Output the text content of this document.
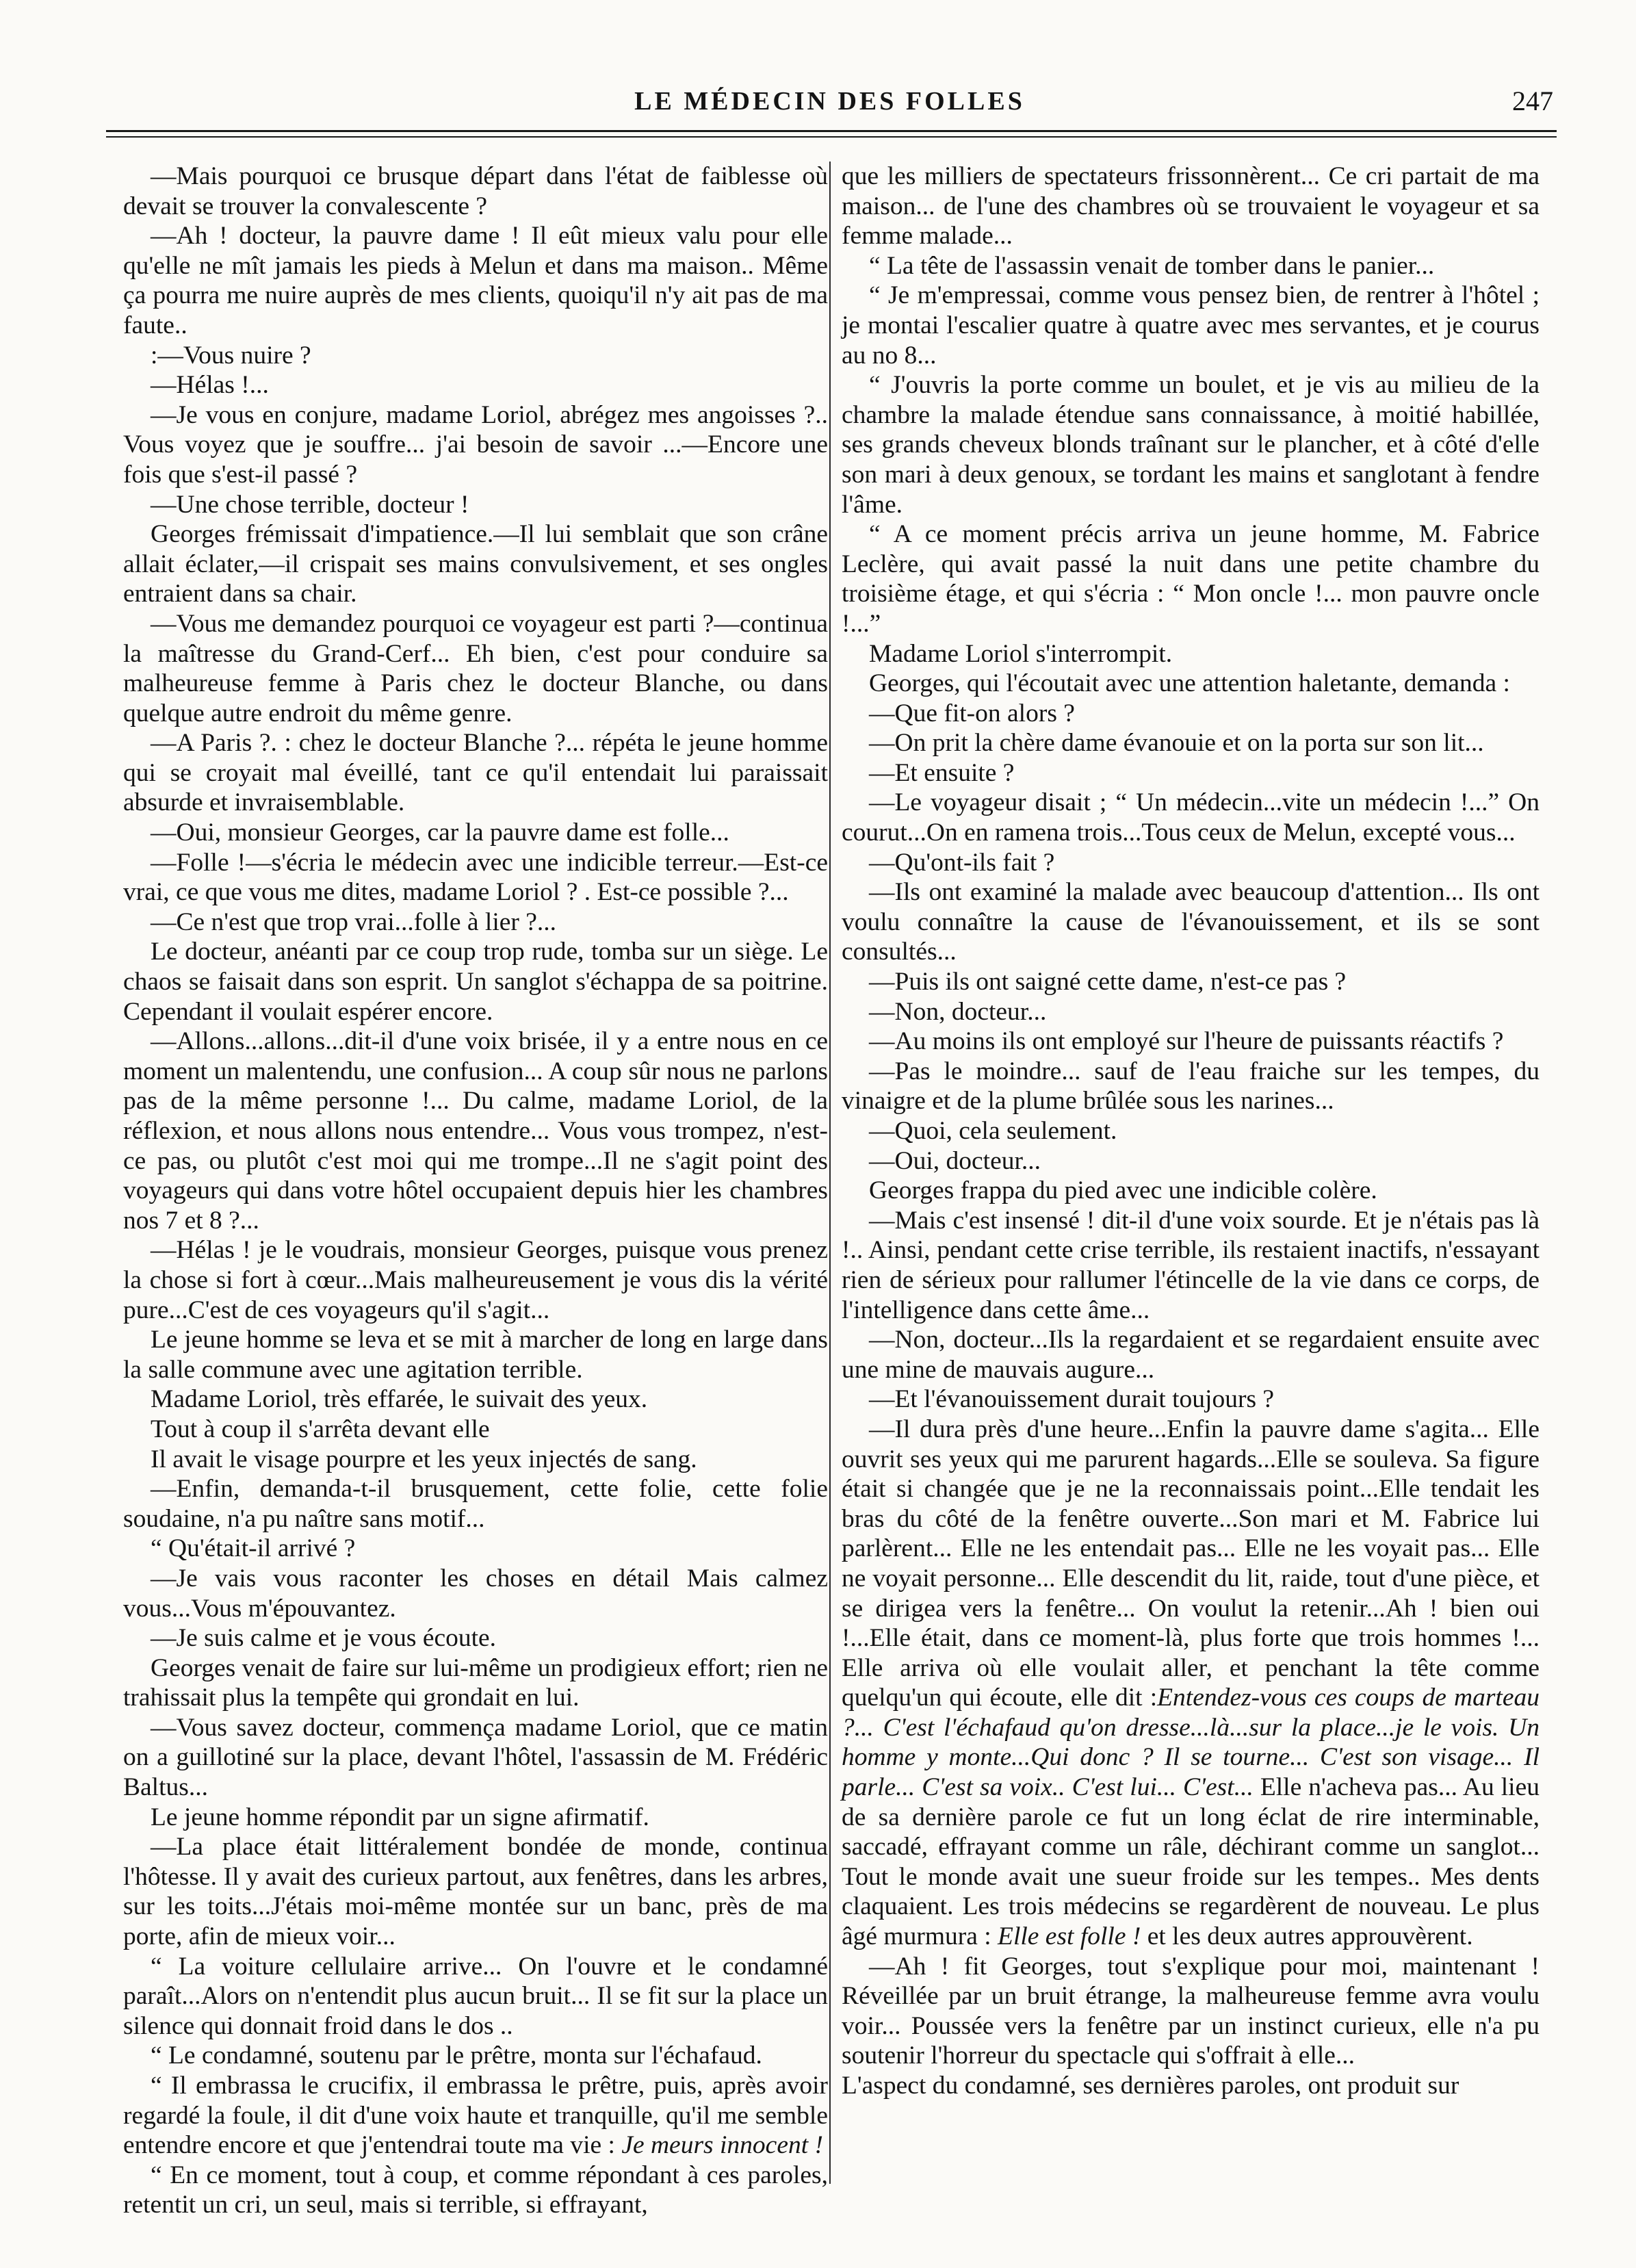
LE MÉDECIN DES FOLLES	247

—Mais pourquoi ce brusque départ dans l'état de faiblesse où devait se trouver la convalescente ?

—Ah ! docteur, la pauvre dame ! Il eût mieux valu pour elle qu'elle ne mît jamais les pieds à Melun et dans ma maison.. Même ça pourra me nuire auprès de mes clients, quoiqu'il n'y ait pas de ma faute..

:—Vous nuire ?

—Hélas !...

—Je vous en conjure, madame Loriol, abrégez mes angoisses ?.. Vous voyez que je souffre... j'ai besoin de savoir ...—Encore une fois que s'est-il passé ?

—Une chose terrible, docteur !

Georges frémissait d'impatience.—Il lui semblait que son crâne allait éclater,—il crispait ses mains convulsivement, et ses ongles entraient dans sa chair.

—Vous me demandez pourquoi ce voyageur est parti ?—continua la maîtresse du Grand-Cerf... Eh bien, c'est pour conduire sa malheureuse femme à Paris chez le docteur Blanche, ou dans quelque autre endroit du même genre.

—A Paris ?. : chez le docteur Blanche ?... répéta le jeune homme qui se croyait mal éveillé, tant ce qu'il entendait lui paraissait absurde et invraisemblable.

—Oui, monsieur Georges, car la pauvre dame est folle...

—Folle !—s'écria le médecin avec une indicible terreur.—Est-ce vrai, ce que vous me dites, madame Loriol ? . Est-ce possible ?...

—Ce n'est que trop vrai...folle à lier ?...

Le docteur, anéanti par ce coup trop rude, tomba sur un siège. Le chaos se faisait dans son esprit. Un sanglot s'échappa de sa poitrine. Cependant il voulait espérer encore.

—Allons...allons...dit-il d'une voix brisée, il y a entre nous en ce moment un malentendu, une confusion... A coup sûr nous ne parlons pas de la même personne !... Du calme, madame Loriol, de la réflexion, et nous allons nous entendre... Vous vous trompez, n'est-ce pas, ou plutôt c'est moi qui me trompe...Il ne s'agit point des voyageurs qui dans votre hôtel occupaient depuis hier les chambres nos 7 et 8 ?...

—Hélas ! je le voudrais, monsieur Georges, puisque vous prenez la chose si fort à cœur...Mais malheureusement je vous dis la vérité pure...C'est de ces voyageurs qu'il s'agit...

Le jeune homme se leva et se mit à marcher de long en large dans la salle commune avec une agitation terrible.

Madame Loriol, très effarée, le suivait des yeux.

Tout à coup il s'arrêta devant elle

Il avait le visage pourpre et les yeux injectés de sang.

—Enfin, demanda-t-il brusquement, cette folie, cette folie soudaine, n'a pu naître sans motif...

“ Qu'était-il arrivé ?

—Je vais vous raconter les choses en détail Mais calmez vous...Vous m'épouvantez.

—Je suis calme et je vous écoute.

Georges venait de faire sur lui-même un prodigieux effort; rien ne trahissait plus la tempête qui grondait en lui.

—Vous savez docteur, commença madame Loriol, que ce matin on a guillotiné sur la place, devant l'hôtel, l'assassin de M. Frédéric Baltus...

Le jeune homme répondit par un signe afirmatif.

—La place était littéralement bondée de monde, continua l'hôtesse. Il y avait des curieux partout, aux fenêtres, dans les arbres, sur les toits...J'étais moi-même montée sur un banc, près de ma porte, afin de mieux voir...

“ La voiture cellulaire arrive... On l'ouvre et le condamné paraît...Alors on n'entendit plus aucun bruit... Il se fit sur la place un silence qui donnait froid dans le dos ..

“ Le condamné, soutenu par le prêtre, monta sur l'échafaud.

“ Il embrassa le crucifix, il embrassa le prêtre, puis, après avoir regardé la foule, il dit d'une voix haute et tranquille, qu'il me semble entendre encore et que j'entendrai toute ma vie : Je meurs innocent !

“ En ce moment, tout à coup, et comme répondant à ces paroles, retentit un cri, un seul, mais si terrible, si effrayant,

que les milliers de spectateurs frissonnèrent... Ce cri partait de ma maison... de l'une des chambres où se trouvaient le voyageur et sa femme malade...

“ La tête de l'assassin venait de tomber dans le panier...

“ Je m'empressai, comme vous pensez bien, de rentrer à l'hôtel ; je montai l'escalier quatre à quatre avec mes servantes, et je courus au no 8...

“ J'ouvris la porte comme un boulet, et je vis au milieu de la chambre la malade étendue sans connaissance, à moitié habillée, ses grands cheveux blonds traînant sur le plancher, et à côté d'elle son mari à deux genoux, se tordant les mains et sanglotant à fendre l'âme.

“ A ce moment précis arriva un jeune homme, M. Fabrice Leclère, qui avait passé la nuit dans une petite chambre du troisième étage, et qui s'écria : “ Mon oncle !... mon pauvre oncle !...”

Madame Loriol s'interrompit.

Georges, qui l'écoutait avec une attention haletante, demanda :

—Que fit-on alors ?

—On prit la chère dame évanouie et on la porta sur son lit...

—Et ensuite ?

—Le voyageur disait ; “ Un médecin...vite un médecin !...” On courut...On en ramena trois...Tous ceux de Melun, excepté vous...

—Qu'ont-ils fait ?

—Ils ont examiné la malade avec beaucoup d'attention... Ils ont voulu connaître la cause de l'évanouissement, et ils se sont consultés...

—Puis ils ont saigné cette dame, n'est-ce pas ?

—Non, docteur...

—Au moins ils ont employé sur l'heure de puissants réactifs ?

—Pas le moindre... sauf de l'eau fraiche sur les tempes, du vinaigre et de la plume brûlée sous les narines...

—Quoi, cela seulement.

—Oui, docteur...

Georges frappa du pied avec une indicible colère.

—Mais c'est insensé ! dit-il d'une voix sourde. Et je n'étais pas là !.. Ainsi, pendant cette crise terrible, ils restaient inactifs, n'essayant rien de sérieux pour rallumer l'étincelle de la vie dans ce corps, de l'intelligence dans cette âme...

—Non, docteur...Ils la regardaient et se regardaient ensuite avec une mine de mauvais augure...

—Et l'évanouissement durait toujours ?

—Il dura près d'une heure...Enfin la pauvre dame s'agita... Elle ouvrit ses yeux qui me parurent hagards...Elle se souleva. Sa figure était si changée que je ne la reconnaissais point...Elle tendait les bras du côté de la fenêtre ouverte...Son mari et M. Fabrice lui parlèrent... Elle ne les entendait pas... Elle ne les voyait pas... Elle ne voyait personne... Elle descendit du lit, raide, tout d'une pièce, et se dirigea vers la fenêtre... On voulut la retenir...Ah ! bien oui !...Elle était, dans ce moment-là, plus forte que trois hommes !... Elle arriva où elle voulait aller, et penchant la tête comme quelqu'un qui écoute, elle dit :Entendez-vous ces coups de marteau ?... C'est l'échafaud qu'on dresse...là...sur la place...je le vois. Un homme y monte...Qui donc ? Il se tourne... C'est son visage... Il parle... C'est sa voix.. C'est lui... C'est... Elle n'acheva pas... Au lieu de sa dernière parole ce fut un long éclat de rire interminable, saccadé, effrayant comme un râle, déchirant comme un sanglot... Tout le monde avait une sueur froide sur les tempes.. Mes dents claquaient. Les trois médecins se regardèrent de nouveau. Le plus âgé murmura : Elle est folle ! et les deux autres approuvèrent.

—Ah ! fit Georges, tout s'explique pour moi, maintenant ! Réveillée par un bruit étrange, la malheureuse femme avra voulu voir... Poussée vers la fenêtre par un instinct curieux, elle n'a pu soutenir l'horreur du spectacle qui s'offrait à elle...

L'aspect du condamné, ses dernières paroles, ont produit sur
